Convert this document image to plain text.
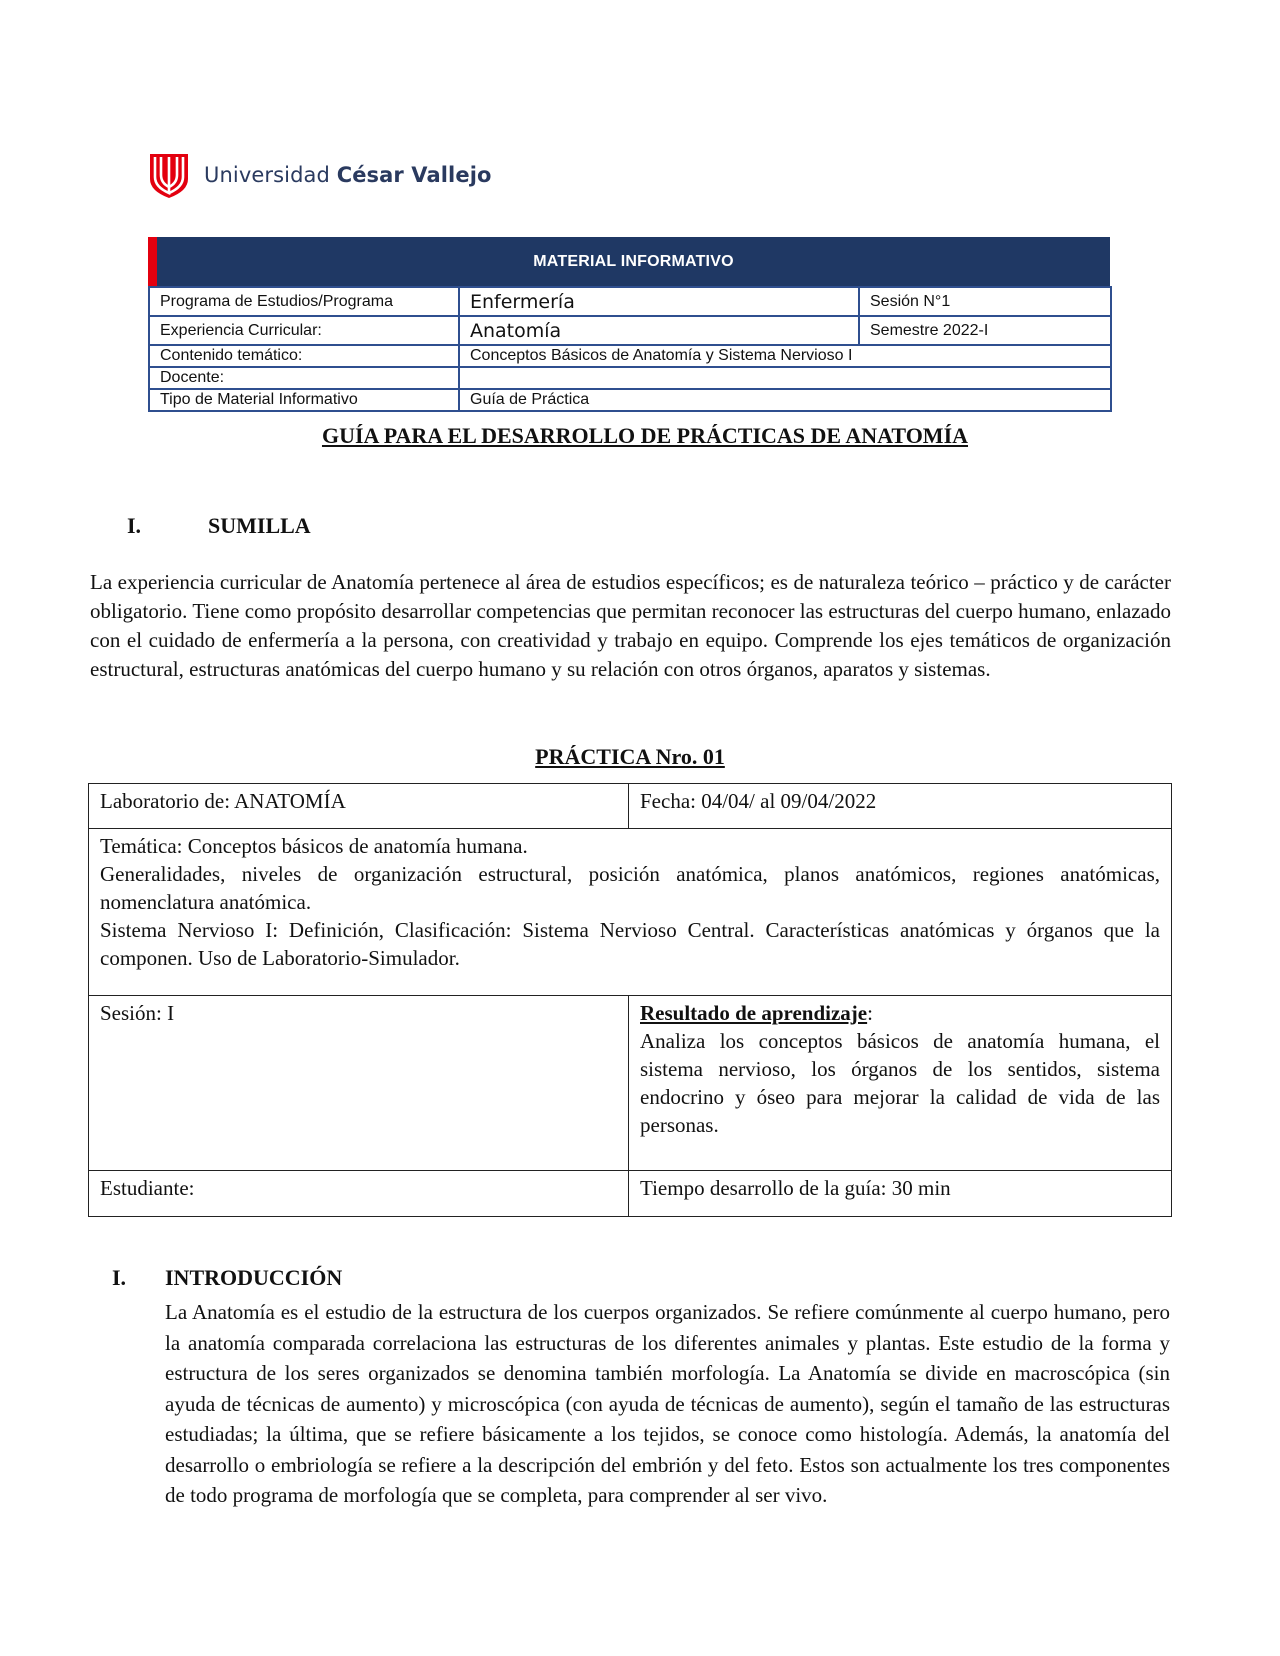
Universidad César Vallejo
MATERIAL INFORMATIVO
Programa de Estudios/Programa	Enfermería	Sesión N°1
Experiencia Curricular:	Anatomía	Semestre 2022-I
Contenido temático:	Conceptos Básicos de Anatomía y Sistema Nervioso I	
Docente:		
Tipo de Material Informativo	Guía de Práctica	
GUÍA PARA EL DESARROLLO DE PRÁCTICAS DE ANATOMÍA
I.	SUMILLA
La experiencia curricular de Anatomía pertenece al área de estudios específicos; es de naturaleza teórico – práctico y de carácter obligatorio. Tiene como propósito desarrollar competencias que permitan reconocer las estructuras del cuerpo humano, enlazado con el cuidado de enfermería a la persona, con creatividad y trabajo en equipo. Comprende los ejes temáticos de organización estructural, estructuras anatómicas del cuerpo humano y su relación con otros órganos, aparatos y sistemas.
PRÁCTICA Nro. 01
Laboratorio de: ANATOMÍA	Fecha: 04/04/ al 09/04/2022

Temática: Conceptos básicos de anatomía humana.
Generalidades, niveles de organización estructural, posición anatómica, planos anatómicos, regiones anatómicas, nomenclatura anatómica.
Sistema Nervioso I: Definición, Clasificación: Sistema Nervioso Central. Características anatómicas y órganos que la componen. Uso de Laboratorio-Simulador.	

Sesión: I	Resultado de aprendizaje:
Analiza los conceptos básicos de anatomía humana, el sistema nervioso, los órganos de los sentidos, sistema endocrino y óseo para mejorar la calidad de vida de las personas.

Estudiante:	Tiempo desarrollo de la guía: 30 min
I. INTRODUCCIÓN
La Anatomía es el estudio de la estructura de los cuerpos organizados. Se refiere comúnmente al cuerpo humano, pero la anatomía comparada correlaciona las estructuras de los diferentes animales y plantas. Este estudio de la forma y estructura de los seres organizados se denomina también morfología. La Anatomía se divide en macroscópica (sin ayuda de técnicas de aumento) y microscópica (con ayuda de técnicas de aumento), según el tamaño de las estructuras estudiadas; la última, que se refiere básicamente a los tejidos, se conoce como histología. Además, la anatomía del desarrollo o embriología se refiere a la descripción del embrión y del feto. Estos son actualmente los tres componentes de todo programa de morfología que se completa, para comprender al ser vivo.
